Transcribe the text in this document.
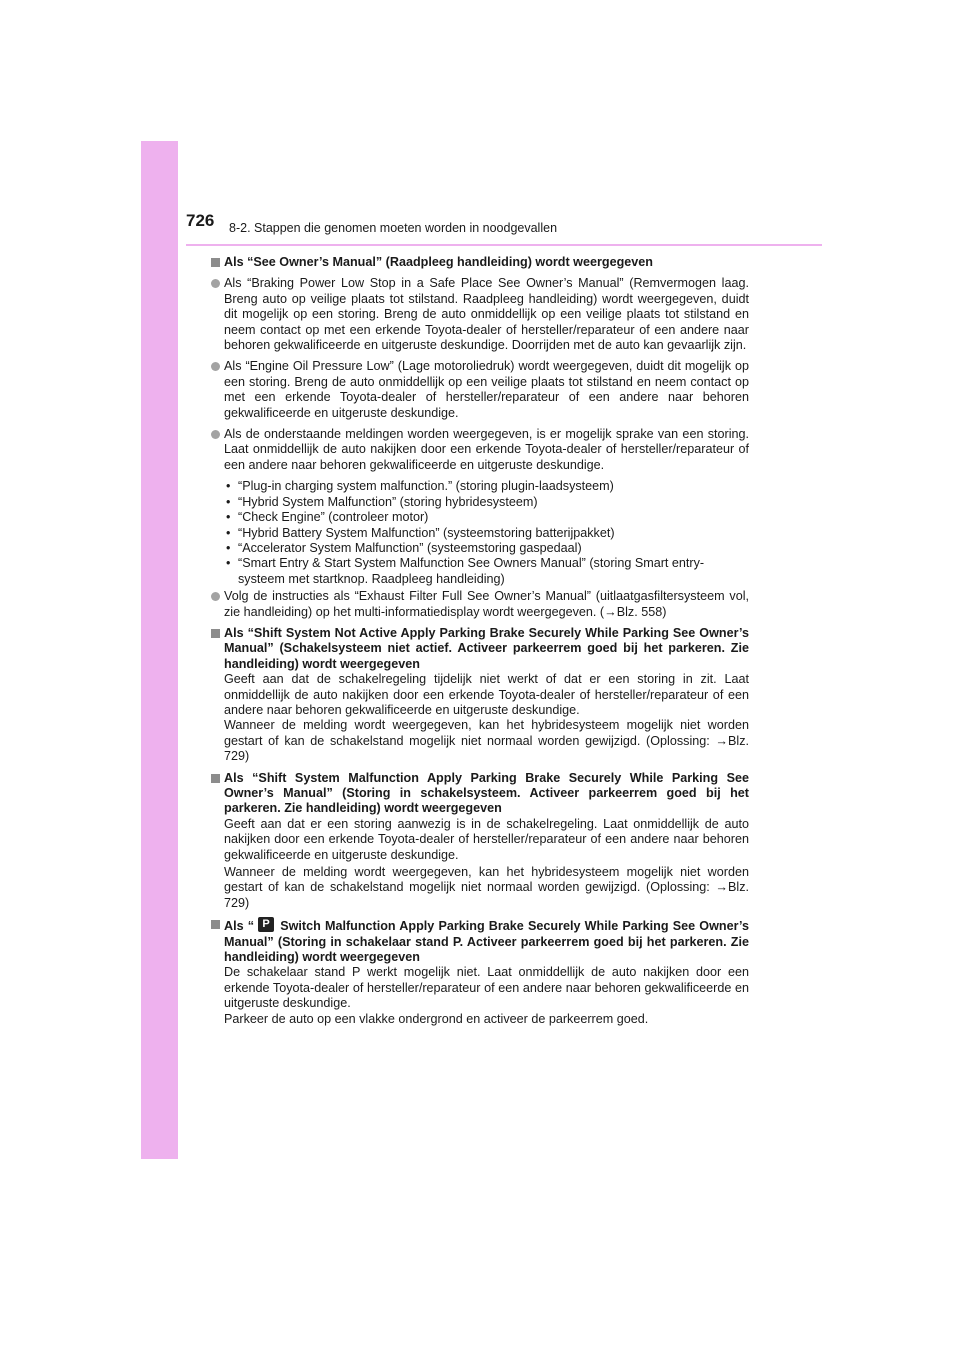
726 8-2. Stappen die genomen moeten worden in noodgevallen

Als “See Owner’s Manual” (Raadpleeg handleiding) wordt weergegeven

Als “Braking Power Low Stop in a Safe Place See Owner’s Manual” (Remvermogen laag. Breng auto op veilige plaats tot stilstand. Raadpleeg handleiding) wordt weergegeven, duidt dit mogelijk op een storing. Breng de auto onmiddellijk op een veilige plaats tot stilstand en neem contact op met een erkende Toyota-dealer of hersteller/reparateur of een andere naar behoren gekwalificeerde en uitgeruste deskundige. Doorrijden met de auto kan gevaarlijk zijn.

Als “Engine Oil Pressure Low” (Lage motoroliedruk) wordt weergegeven, duidt dit mogelijk op een storing. Breng de auto onmiddellijk op een veilige plaats tot stilstand en neem contact op met een erkende Toyota-dealer of hersteller/reparateur of een andere naar behoren gekwalificeerde en uitgeruste deskundige.

Als de onderstaande meldingen worden weergegeven, is er mogelijk sprake van een storing. Laat onmiddellijk de auto nakijken door een erkende Toyota-dealer of hersteller/reparateur of een andere naar behoren gekwalificeerde en uitgeruste deskundige.

• “Plug-in charging system malfunction.” (storing plugin-laadsysteem)
• “Hybrid System Malfunction” (storing hybridesysteem)
• “Check Engine” (controleer motor)
• “Hybrid Battery System Malfunction” (systeemstoring batterijpakket)
• “Accelerator System Malfunction” (systeemstoring gaspedaal)
• “Smart Entry & Start System Malfunction See Owners Manual” (storing Smart entry-systeem met startknop. Raadpleeg handleiding)

Volg de instructies als “Exhaust Filter Full See Owner’s Manual” (uitlaatgasfiltersysteem vol, zie handleiding) op het multi-informatiedisplay wordt weergegeven. (→Blz. 558)

Als “Shift System Not Active Apply Parking Brake Securely While Parking See Owner’s Manual” (Schakelsysteem niet actief. Activeer parkeerrem goed bij het parkeren. Zie handleiding) wordt weergegeven

Geeft aan dat de schakelregeling tijdelijk niet werkt of dat er een storing in zit. Laat onmiddellijk de auto nakijken door een erkende Toyota-dealer of hersteller/reparateur of een andere naar behoren gekwalificeerde en uitgeruste deskundige.

Wanneer de melding wordt weergegeven, kan het hybridesysteem mogelijk niet worden gestart of kan de schakelstand mogelijk niet normaal worden gewijzigd. (Oplossing: →Blz. 729)

Als “Shift System Malfunction Apply Parking Brake Securely While Parking See Owner’s Manual” (Storing in schakelsysteem. Activeer parkeerrem goed bij het parkeren. Zie handleiding) wordt weergegeven

Geeft aan dat er een storing aanwezig is in de schakelregeling. Laat onmiddellijk de auto nakijken door een erkende Toyota-dealer of hersteller/reparateur of een andere naar behoren gekwalificeerde en uitgeruste deskundige.

Wanneer de melding wordt weergegeven, kan het hybridesysteem mogelijk niet worden gestart of kan de schakelstand mogelijk niet normaal worden gewijzigd. (Oplossing: →Blz. 729)

Als “ P Switch Malfunction Apply Parking Brake Securely While Parking See Owner’s Manual” (Storing in schakelaar stand P. Activeer parkeerrem goed bij het parkeren. Zie handleiding) wordt weergegeven

De schakelaar stand P werkt mogelijk niet. Laat onmiddellijk de auto nakijken door een erkende Toyota-dealer of hersteller/reparateur of een andere naar behoren gekwalificeerde en uitgeruste deskundige.

Parkeer de auto op een vlakke ondergrond en activeer de parkeerrem goed.
